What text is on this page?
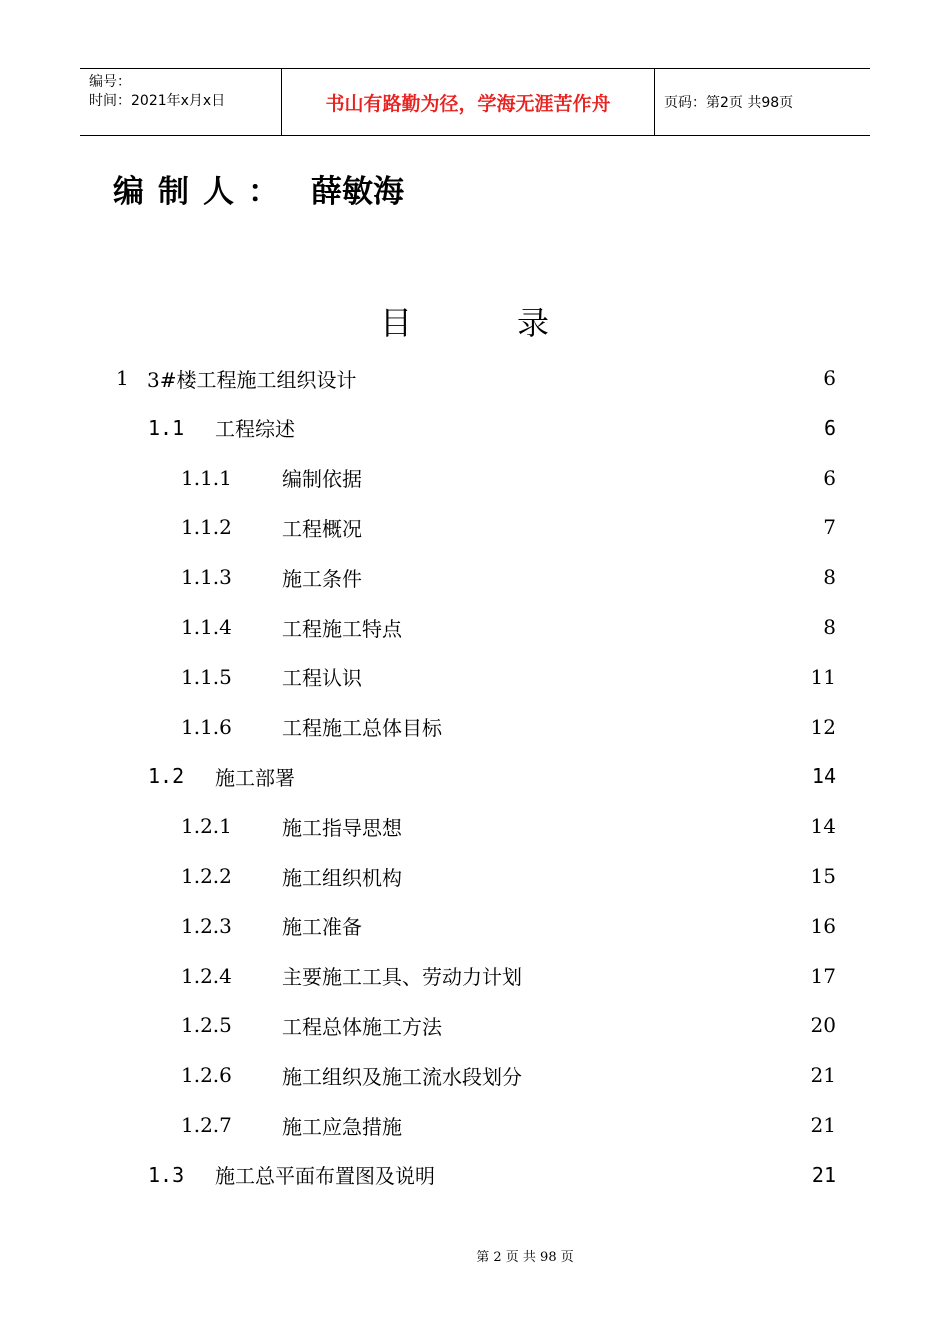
编号：
时间：2021年x月x日	书山有路勤为径，学海无涯苦作舟	页码：第2页 共98页
编制人： 薛敏海
目录
1 3#楼工程施工组织设计	6
1.1 工程综述	6
1.1.1	编制依据	6
1.1.2	工程概况	7
1.1.3	施工条件	8
1.1.4	工程施工特点	8
1.1.5	工程认识	11
1.1.6	工程施工总体目标	12
1.2 施工部署	14
1.2.1	施工指导思想	14
1.2.2	施工组织机构	15
1.2.3	施工准备	16
1.2.4	主要施工工具、劳动力计划	17
1.2.5	工程总体施工方法	20
1.2.6	施工组织及施工流水段划分	21
1.2.7	施工应急措施	21
1.3 施工总平面布置图及说明	21
第 2 页 共 98 页
